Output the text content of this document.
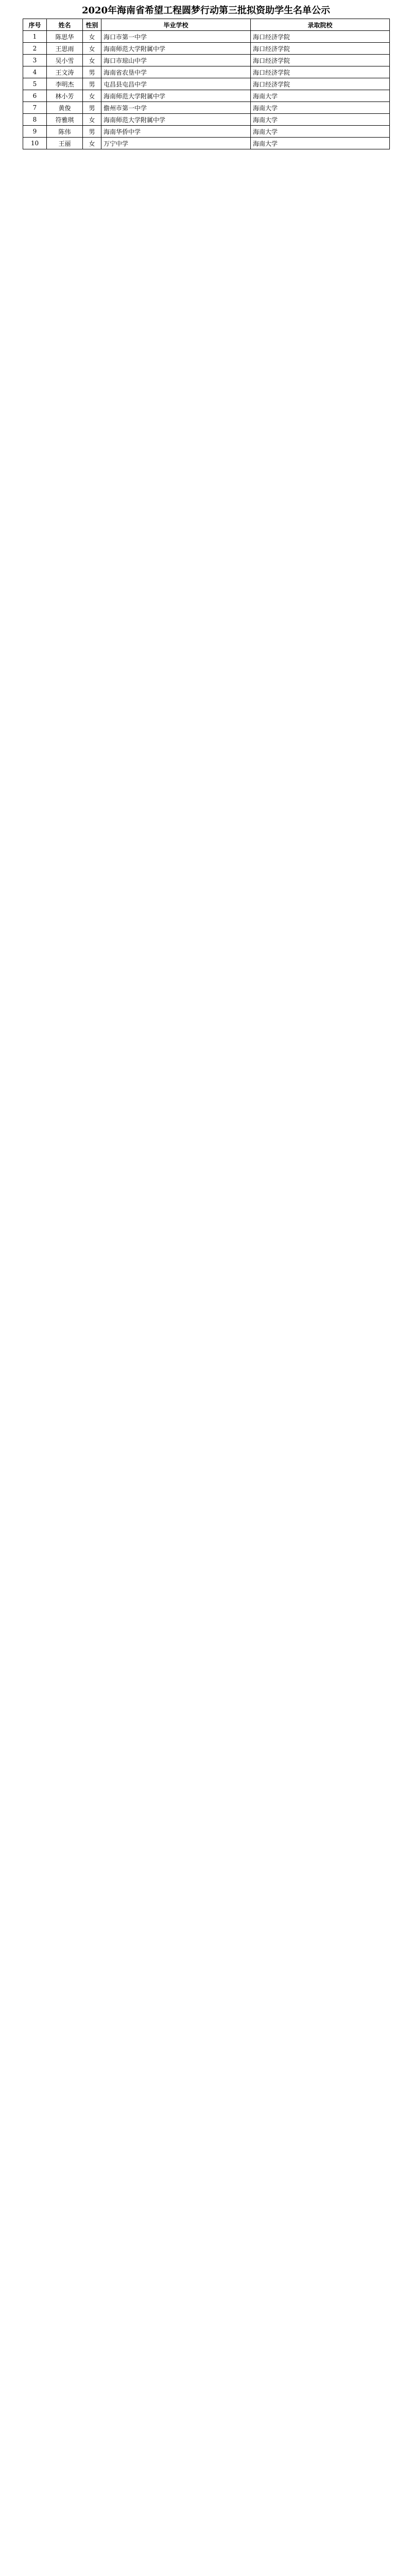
2020年海南省希望工程圆梦行动第三批拟资助学生名单公示
序号	姓名	性别	毕业学校	录取院校
1	陈思华	女	海口市第一中学	海口经济学院
2	王思雨	女	海南师范大学附属中学	海口经济学院
3	吴小雪	女	海口市琼山中学	海口经济学院
4	王文涛	男	海南省农垦中学	海口经济学院
5	李明杰	男	屯昌县屯昌中学	海口经济学院
6	林小芳	女	海南师范大学附属中学	海南大学
7	黄俊	男	儋州市第一中学	海南大学
8	符雅琪	女	海南师范大学附属中学	海南大学
9	陈伟	男	海南华侨中学	海南大学
10	王丽	女	万宁中学	海南大学
